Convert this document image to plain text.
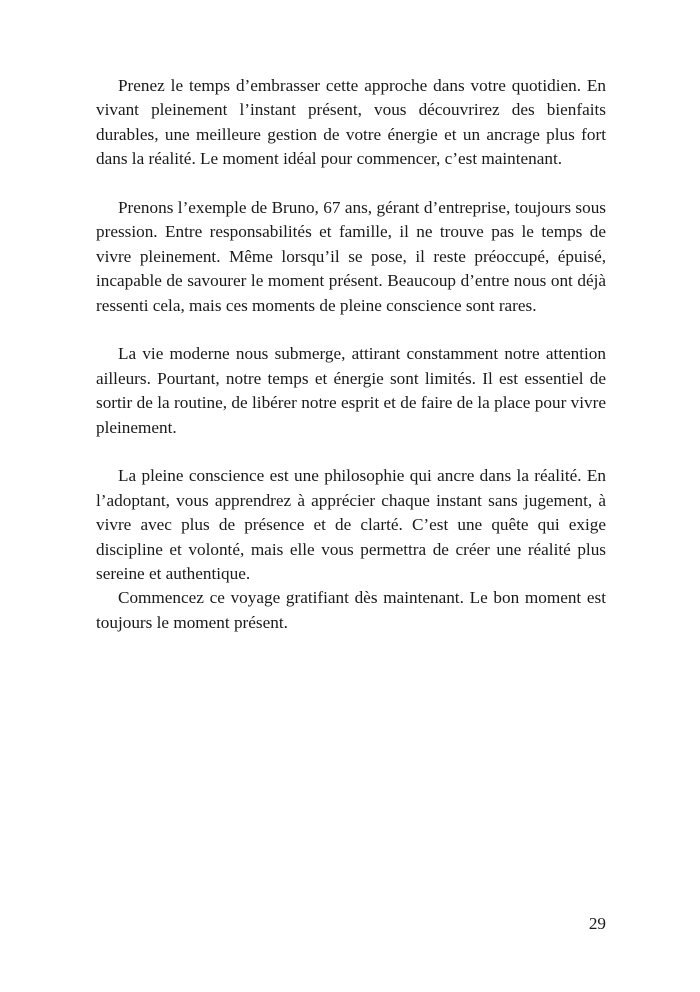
Prenez le temps d’embrasser cette approche dans votre quotidien. En vivant pleinement l’instant présent, vous découvrirez des bienfaits durables, une meilleure gestion de votre énergie et un ancrage plus fort dans la réalité. Le moment idéal pour commencer, c’est maintenant.

Prenons l’exemple de Bruno, 67 ans, gérant d’entreprise, toujours sous pression. Entre responsabilités et famille, il ne trouve pas le temps de vivre pleinement. Même lorsqu’il se pose, il reste préoccupé, épuisé, incapable de savourer le moment présent. Beaucoup d’entre nous ont déjà ressenti cela, mais ces moments de pleine conscience sont rares.

La vie moderne nous submerge, attirant constamment notre attention ailleurs. Pourtant, notre temps et énergie sont limités. Il est essentiel de sortir de la routine, de libérer notre esprit et de faire de la place pour vivre pleinement.

La pleine conscience est une philosophie qui ancre dans la réalité. En l’adoptant, vous apprendrez à apprécier chaque instant sans jugement, à vivre avec plus de présence et de clarté. C’est une quête qui exige discipline et volonté, mais elle vous permettra de créer une réalité plus sereine et authentique.

Commencez ce voyage gratifiant dès maintenant. Le bon moment est toujours le moment présent.

29
